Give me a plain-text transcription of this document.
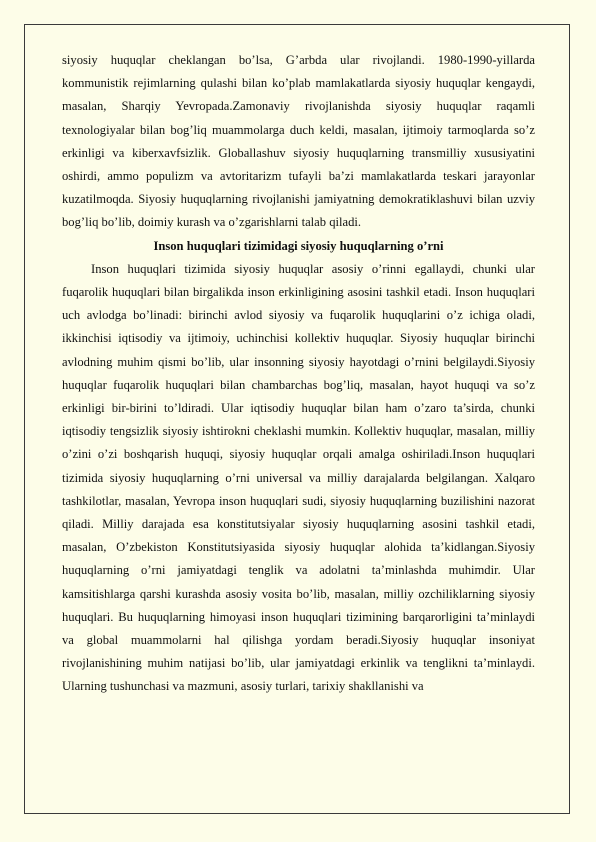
siyosiy huquqlar cheklangan bo’lsa, G’arbda ular rivojlandi. 1980-1990-yillarda kommunistik rejimlarning qulashi bilan ko’plab mamlakatlarda siyosiy huquqlar kengaydi, masalan, Sharqiy Yevropada.Zamonaviy rivojlanishda siyosiy huquqlar raqamli texnologiyalar bilan bog’liq muammolarga duch keldi, masalan, ijtimoiy tarmoqlarda so’z erkinligi va kiberxavfsizlik. Globallashuv siyosiy huquqlarning transmilliy xususiyatini oshirdi, ammo populizm va avtoritarizm tufayli ba’zi mamlakatlarda teskari jarayonlar kuzatilmoqda. Siyosiy huquqlarning rivojlanishi jamiyatning demokratiklashuvi bilan uzviy bog’liq bo’lib, doimiy kurash va o’zgarishlarni talab qiladi.

Inson huquqlari tizimidagi siyosiy huquqlarning o’rni

Inson huquqlari tizimida siyosiy huquqlar asosiy o’rinni egallaydi, chunki ular fuqarolik huquqlari bilan birgalikda inson erkinligining asosini tashkil etadi. Inson huquqlari uch avlodga bo’linadi: birinchi avlod siyosiy va fuqarolik huquqlarini o’z ichiga oladi, ikkinchisi iqtisodiy va ijtimoiy, uchinchisi kollektiv huquqlar. Siyosiy huquqlar birinchi avlodning muhim qismi bo’lib, ular insonning siyosiy hayotdagi o’rnini belgilaydi.Siyosiy huquqlar fuqarolik huquqlari bilan chambarchas bog’liq, masalan, hayot huquqi va so’z erkinligi bir-birini to’ldiradi. Ular iqtisodiy huquqlar bilan ham o’zaro ta’sirda, chunki iqtisodiy tengsizlik siyosiy ishtirokni cheklashi mumkin. Kollektiv huquqlar, masalan, milliy o’zini o’zi boshqarish huquqi, siyosiy huquqlar orqali amalga oshiriladi.Inson huquqlari tizimida siyosiy huquqlarning o’rni universal va milliy darajalarda belgilangan. Xalqaro tashkilotlar, masalan, Yevropa inson huquqlari sudi, siyosiy huquqlarning buzilishini nazorat qiladi. Milliy darajada esa konstitutsiyalar siyosiy huquqlarning asosini tashkil etadi, masalan, O’zbekiston Konstitutsiyasida siyosiy huquqlar alohida ta’kidlangan.Siyosiy huquqlarning o’rni jamiyatdagi tenglik va adolatni ta’minlashda muhimdir. Ular kamsitishlarga qarshi kurashda asosiy vosita bo’lib, masalan, milliy ozchiliklarning siyosiy huquqlari. Bu huquqlarning himoyasi inson huquqlari tizimining barqarorligini ta’minlaydi va global muammolarni hal qilishga yordam beradi.Siyosiy huquqlar insoniyat rivojlanishining muhim natijasi bo’lib, ular jamiyatdagi erkinlik va tenglikni ta’minlaydi. Ularning tushunchasi va mazmuni, asosiy turlari, tarixiy shakllanishi va
